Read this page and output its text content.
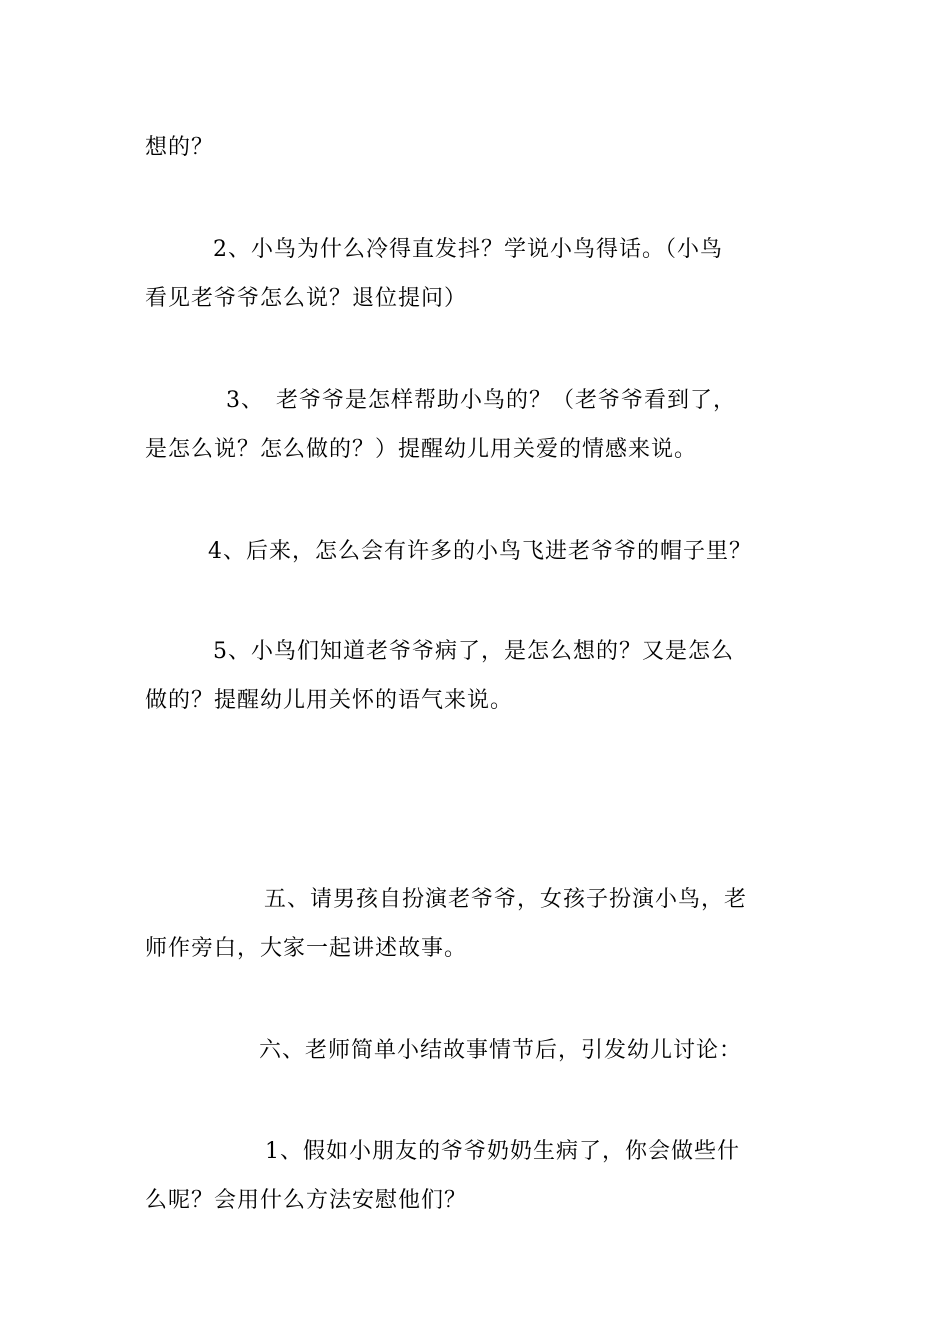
想的？

2、小鸟为什么冷得直发抖？学说小鸟得话。（小鸟

看见老爷爷怎么说？退位提问）

3、　老爷爷是怎样帮助小鸟的？（老爷爷看到了，

是怎么说？怎么做的？）提醒幼儿用关爱的情感来说。

4、后来，怎么会有许多的小鸟飞进老爷爷的帽子里？

5、小鸟们知道老爷爷病了，是怎么想的？又是怎么

做的？提醒幼儿用关怀的语气来说。

五、请男孩自扮演老爷爷，女孩子扮演小鸟，老

师作旁白，大家一起讲述故事。

六、老师简单小结故事情节后，引发幼儿讨论：

1、假如小朋友的爷爷奶奶生病了，你会做些什

么呢？会用什么方法安慰他们？
